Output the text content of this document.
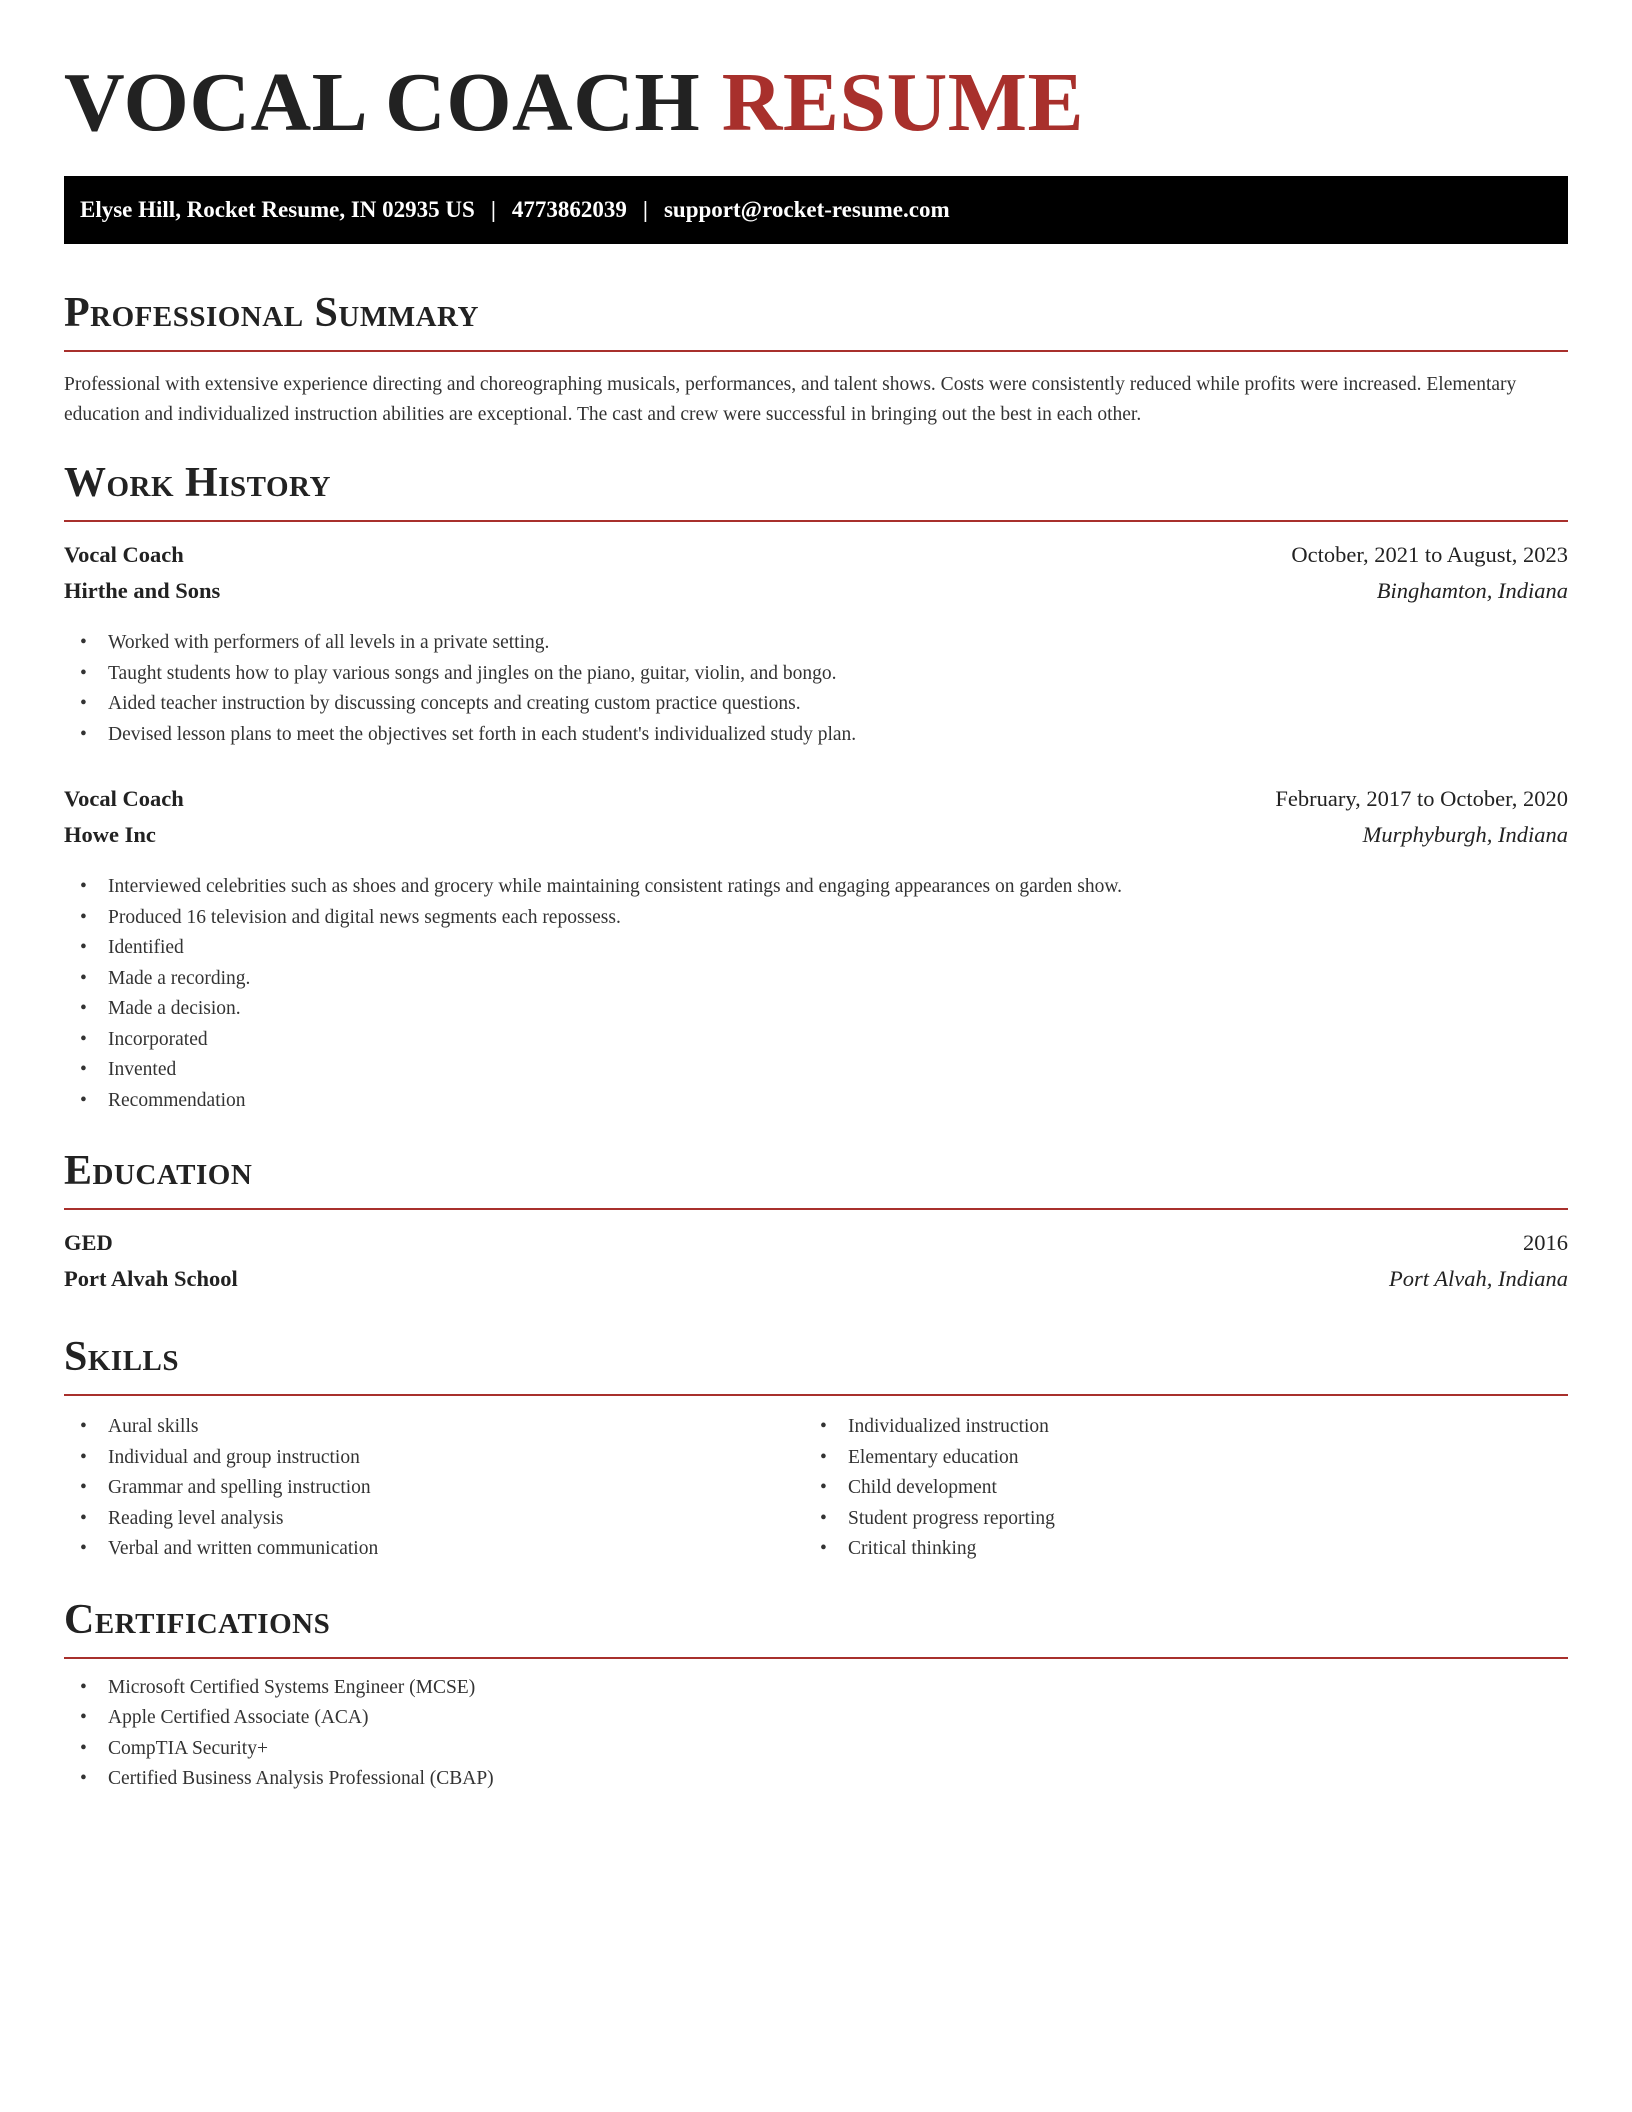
VOCAL COACH RESUME
Elyse Hill, Rocket Resume, IN 02935 US | 4773862039 | support@rocket-resume.com
Professional Summary

Professional with extensive experience directing and choreographing musicals, performances, and talent shows. Costs were consistently reduced while profits were increased. Elementary education and individualized instruction abilities are exceptional. The cast and crew were successful in bringing out the best in each other.

Work History
Vocal Coach	October, 2021 to August, 2023
Hirthe and Sons	Binghamton, Indiana
• Worked with performers of all levels in a private setting.
• Taught students how to play various songs and jingles on the piano, guitar, violin, and bongo.
• Aided teacher instruction by discussing concepts and creating custom practice questions.
• Devised lesson plans to meet the objectives set forth in each student's individualized study plan.
Vocal Coach	February, 2017 to October, 2020
Howe Inc	Murphyburgh, Indiana
• Interviewed celebrities such as shoes and grocery while maintaining consistent ratings and engaging appearances on garden show.
• Produced 16 television and digital news segments each repossess.
• Identified
• Made a recording.
• Made a decision.
• Incorporated
• Invented
• Recommendation
Education
GED	2016
Port Alvah School	Port Alvah, Indiana
Skills
• Aural skills
• Individual and group instruction
• Grammar and spelling instruction
• Reading level analysis
• Verbal and written communication
• Individualized instruction
• Elementary education
• Child development
• Student progress reporting
• Critical thinking
Certifications
• Microsoft Certified Systems Engineer (MCSE)
• Apple Certified Associate (ACA)
• CompTIA Security+
• Certified Business Analysis Professional (CBAP)
